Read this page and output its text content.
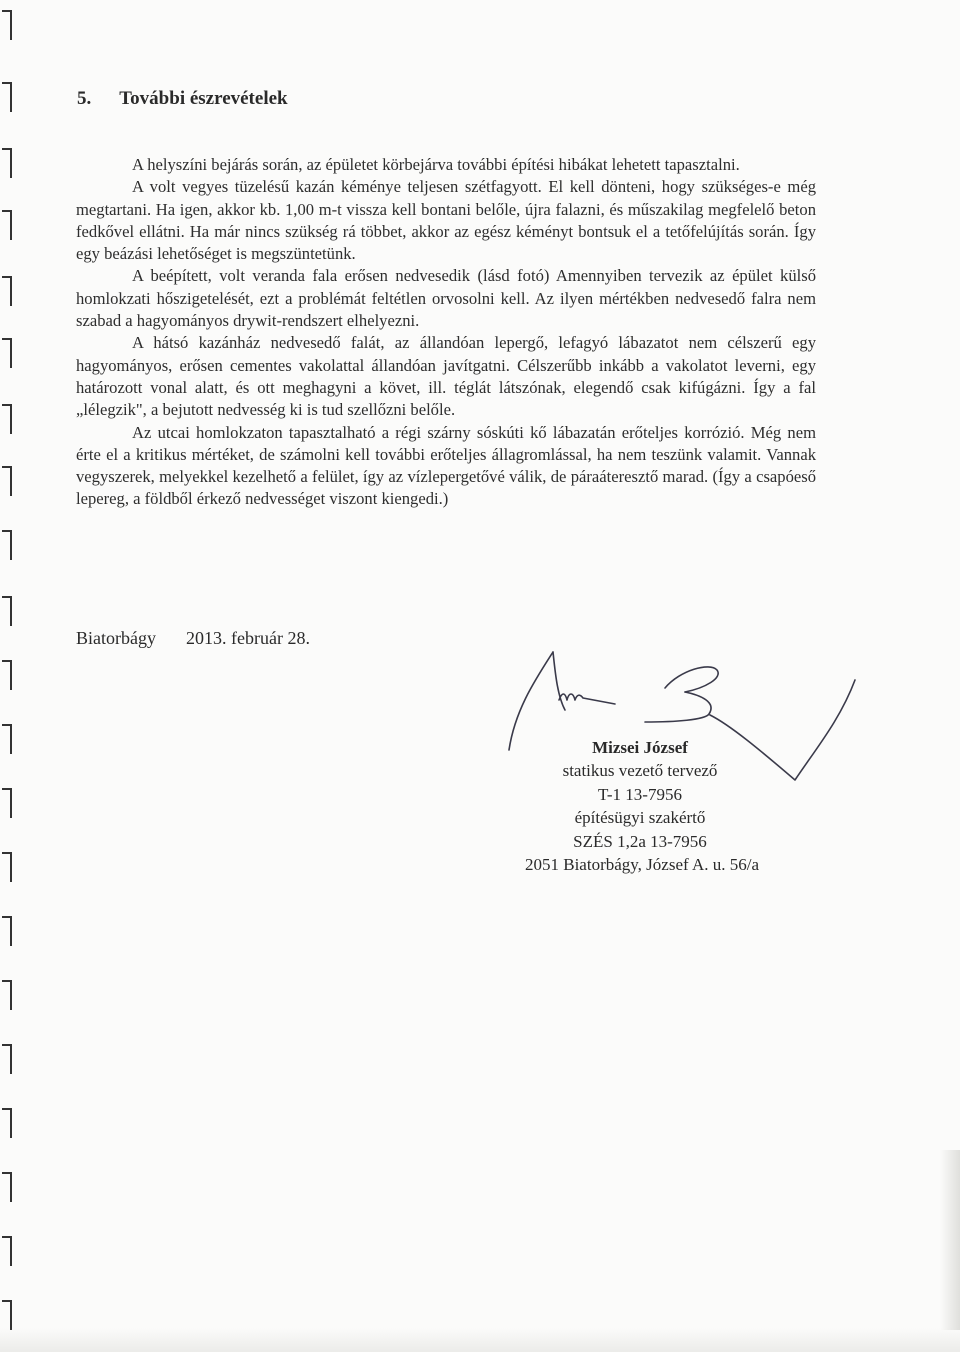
5. További észrevételek

A helyszíni bejárás során, az épületet körbejárva további építési hibákat lehetett tapasztalni.

A volt vegyes tüzelésű kazán kéménye teljesen szétfagyott. El kell dönteni, hogy szükséges-e még megtartani. Ha igen, akkor kb. 1,00 m-t vissza kell bontani belőle, újra falazni, és műszakilag megfelelő beton fedkővel ellátni. Ha már nincs szükség rá többet, akkor az egész kéményt bontsuk el a tetőfelújítás során. Így egy beázási lehetőséget is megszüntetünk.

A beépített, volt veranda fala erősen nedvesedik (lásd fotó) Amennyiben tervezik az épület külső homlokzati hőszigetelését, ezt a problémát feltétlen orvosolni kell. Az ilyen mértékben nedvesedő falra nem szabad a hagyományos drywit-rendszert elhelyezni.

A hátsó kazánház nedvesedő falát, az állandóan lepergő, lefagyó lábazatot nem célszerű egy hagyományos, erősen cementes vakolattal állandóan javítgatni. Célszerűbb inkább a vakolatot leverni, egy határozott vonal alatt, és ott meghagyni a követ, ill. téglát látszónak, elegendő csak kifúgázni. Így a fal „lélegzik", a bejutott nedvesség ki is tud szellőzni belőle.

Az utcai homlokzaton tapasztalható a régi szárny sóskúti kő lábazatán erőteljes korrózió. Még nem érte el a kritikus mértéket, de számolni kell további erőteljes állagromlással, ha nem teszünk valamit. Vannak vegyszerek, melyekkel kezelhető a felület, így az vízlepergetővé válik, de páraáteresztő marad. (Így a csapóeső lepereg, a földből érkező nedvességet viszont kiengedi.)

Biatorbágy 2013. február 28.
Mizsei József
statikus vezető tervező
T-1 13-7956
építésügyi szakértő
SZÉS 1,2a 13-7956
2051 Biatorbágy, József A. u. 56/a
